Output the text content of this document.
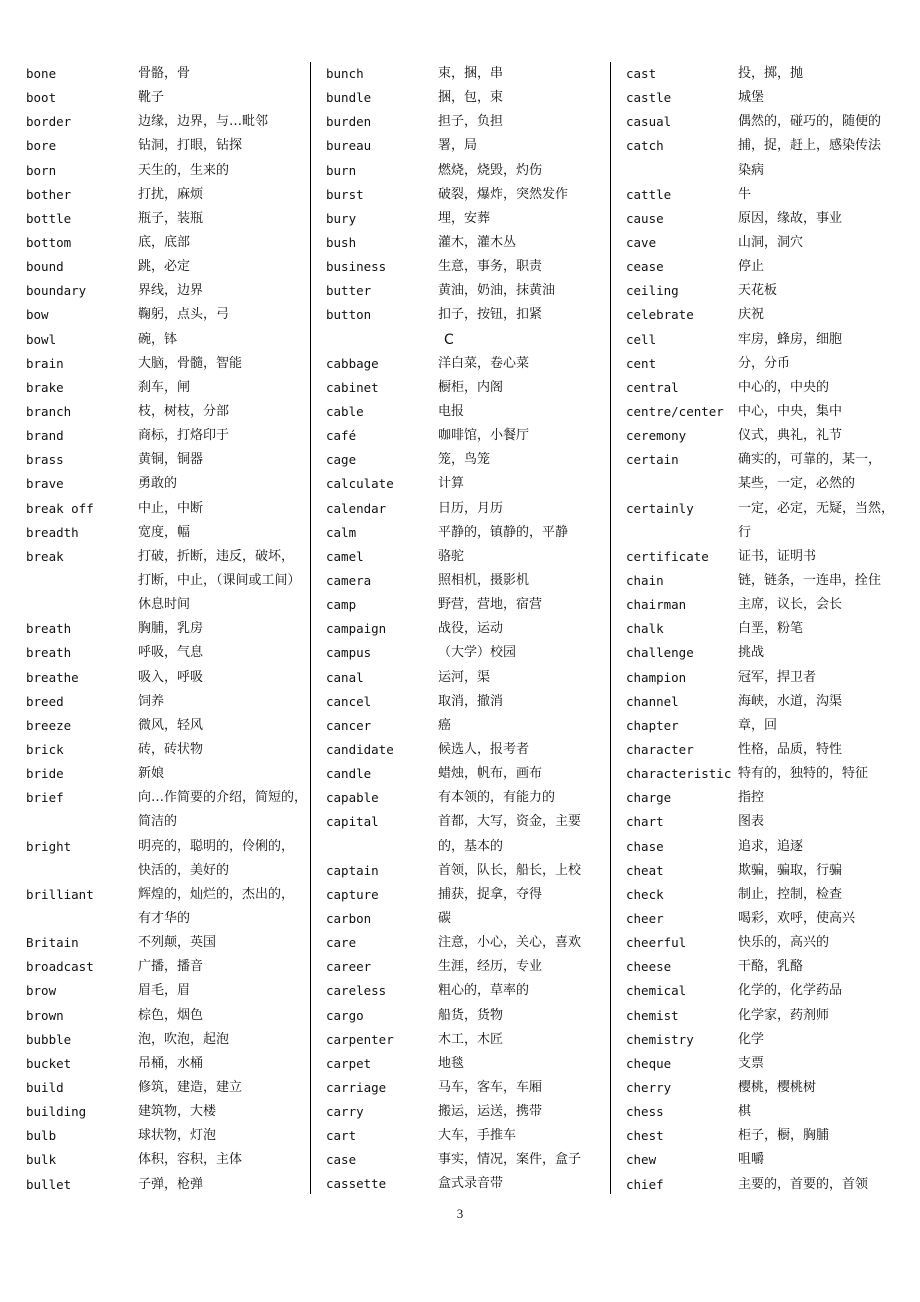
bone	骨骼，骨
boot	靴子
border	边缘，边界，与…毗邻
bore	钻洞，打眼，钻探
born	天生的，生来的
bother	打扰，麻烦
bottle	瓶子，装瓶
bottom	底，底部
bound	跳，必定
boundary	界线，边界
bow	鞠躬，点头，弓
bowl	碗，钵
brain	大脑，骨髓，智能
brake	刹车，闸
branch	枝，树枝，分部
brand	商标，打烙印于
brass	黄铜，铜器
brave	勇敢的
break off	中止，中断
breadth	宽度，幅
break	打破，折断，违反，破坏，
打断，中止，（课间或工间）
休息时间
breath	胸脯，乳房
breath	呼吸，气息
breathe	吸入，呼吸
breed	饲养
breeze	微风，轻风
brick	砖，砖状物
bride	新娘
brief	向…作简要的介绍，简短的，
简洁的
bright	明亮的，聪明的，伶俐的，
快活的，美好的
brilliant	辉煌的，灿烂的，杰出的，
有才华的
Britain	不列颠，英国
broadcast	广播，播音
brow	眉毛，眉
brown	棕色，烟色
bubble	泡，吹泡，起泡
bucket	吊桶，水桶
build	修筑，建造，建立
building	建筑物，大楼
bulb	球状物，灯泡
bulk	体积，容积，主体
bullet	子弹，枪弹
bunch	束，捆，串
bundle	捆，包，束
burden	担子，负担
bureau	署，局
burn	燃烧，烧毁，灼伤
burst	破裂，爆炸，突然发作
bury	埋，安葬
bush	灌木，灌木丛
business	生意，事务，职责
butter	黄油，奶油，抹黄油
button	扣子，按钮，扣紧
C
cabbage	洋白菜，卷心菜
cabinet	橱柜，内阁
cable	电报
café	咖啡馆，小餐厅
cage	笼，鸟笼
calculate	计算
calendar	日历，月历
calm	平静的，镇静的，平静
camel	骆驼
camera	照相机，摄影机
camp	野营，营地，宿营
campaign	战役，运动
campus	（大学）校园
canal	运河，渠
cancel	取消，撤消
cancer	癌
candidate	候选人，报考者
candle	蜡烛，帆布，画布
capable	有本领的，有能力的
capital	首都，大写，资金，主要
的，基本的
captain	首领，队长，船长，上校
capture	捕获，捉拿，夺得
carbon	碳
care	注意，小心，关心，喜欢
career	生涯，经历，专业
careless	粗心的，草率的
cargo	船货，货物
carpenter	木工，木匠
carpet	地毯
carriage	马车，客车，车厢
carry	搬运，运送，携带
cart	大车，手推车
case	事实，情况，案件，盒子
cassette	盒式录音带
cast	投，掷，抛
castle	城堡
casual	偶然的，碰巧的，随便的
catch	捕，捉，赶上，感染传法
染病
cattle	牛
cause	原因，缘故，事业
cave	山洞，洞穴
cease	停止
ceiling	天花板
celebrate	庆祝
cell	牢房，蜂房，细胞
cent	分，分币
central	中心的，中央的
centre/center	中心，中央，集中
ceremony	仪式，典礼，礼节
certain	确实的，可靠的，某一，
某些，一定，必然的
certainly	一定，必定，无疑，当然，
行
certificate	证书，证明书
chain	链，链条，一连串，拴住
chairman	主席，议长，会长
chalk	白垩，粉笔
challenge	挑战
champion	冠军，捍卫者
channel	海峡，水道，沟渠
chapter	章，回
character	性格，品质，特性
characteristic 特有的，独特的，特征
charge	指控
chart	图表
chase	追求，追逐
cheat	欺骗，骗取，行骗
check	制止，控制，检查
cheer	喝彩，欢呼，使高兴
cheerful	快乐的，高兴的
cheese	干酪，乳酪
chemical	化学的，化学药品
chemist	化学家，药剂师
chemistry	化学
cheque	支票
cherry	樱桃，樱桃树
chess	棋
chest	柜子，橱，胸脯
chew	咀嚼
chief	主要的，首要的，首领
3
